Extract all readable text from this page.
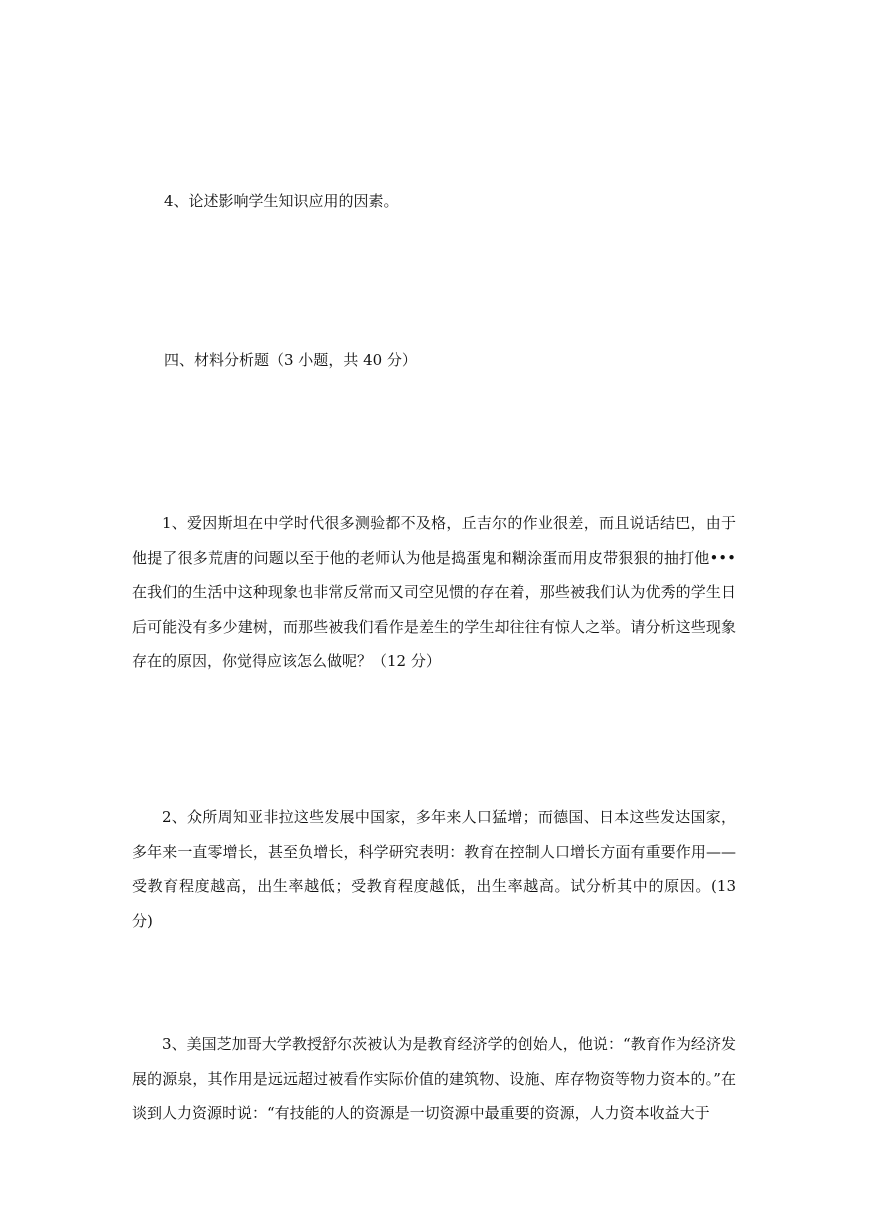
4、论述影响学生知识应用的因素。
四、材料分析题（3 小题，共 40 分）

1、爱因斯坦在中学时代很多测验都不及格，丘吉尔的作业很差，而且说话结巴，由于他提了很多荒唐的问题以至于他的老师认为他是捣蛋鬼和糊涂蛋而用皮带狠狠的抽打他•••在我们的生活中这种现象也非常反常而又司空见惯的存在着，那些被我们认为优秀的学生日后可能没有多少建树，而那些被我们看作是差生的学生却往往有惊人之举。请分析这些现象存在的原因，你觉得应该怎么做呢？（12 分）

2、众所周知亚非拉这些发展中国家，多年来人口猛增；而德国、日本这些发达国家，多年来一直零增长，甚至负增长，科学研究表明：教育在控制人口增长方面有重要作用——受教育程度越高，出生率越低；受教育程度越低，出生率越高。试分析其中的原因。(13 分)

3、美国芝加哥大学教授舒尔茨被认为是教育经济学的创始人，他说：“教育作为经济发展的源泉，其作用是远远超过被看作实际价值的建筑物、设施、库存物资等物力资本的。”在谈到人力资源时说：“有技能的人的资源是一切资源中最重要的资源，人力资本收益大于
